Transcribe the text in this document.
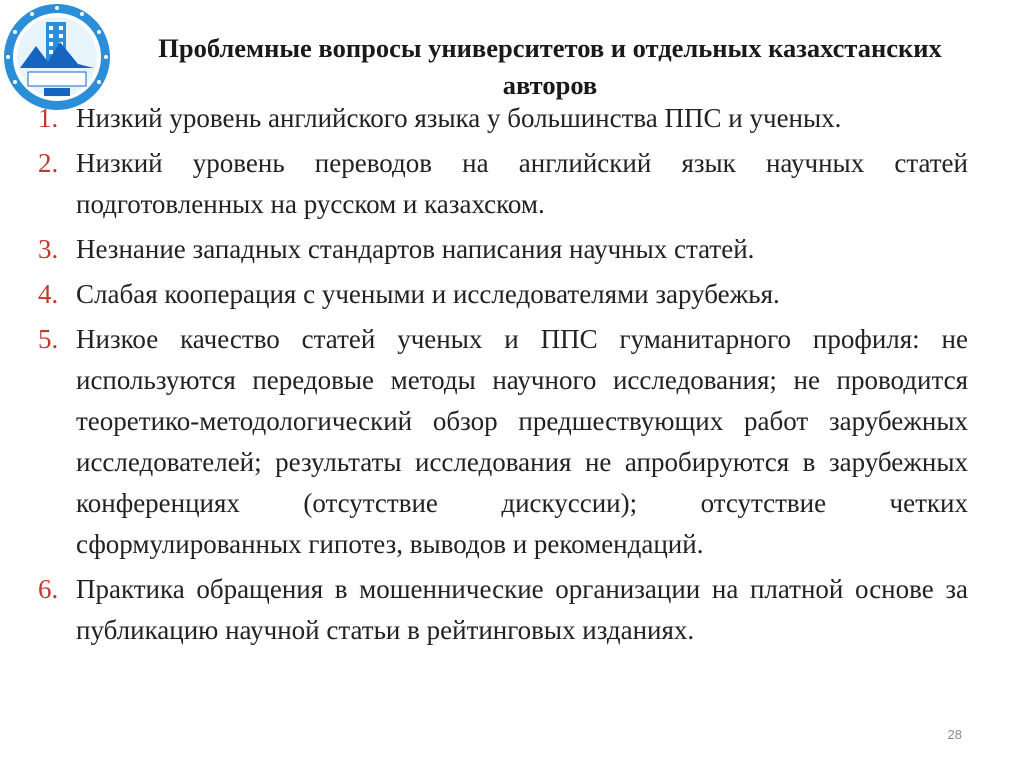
Проблемные вопросы университетов и отдельных казахстанских авторов
1. Низкий уровень английского языка у большинства ППС и ученых.
2. Низкий уровень переводов на английский язык научных статей подготовленных на русском и казахском.
3. Незнание западных стандартов написания научных статей.
4. Слабая кооперация с учеными и исследователями зарубежья.
5. Низкое качество статей ученых и ППС гуманитарного профиля: не используются передовые методы научного исследования; не проводится теоретико-методологический обзор предшествующих работ зарубежных исследователей; результаты исследования не апробируются в зарубежных конференциях (отсутствие дискуссии); отсутствие четких сформулированных гипотез, выводов и рекомендаций.
6. Практика обращения в мошеннические организации на платной основе за публикацию научной статьи в рейтинговых изданиях.
28
